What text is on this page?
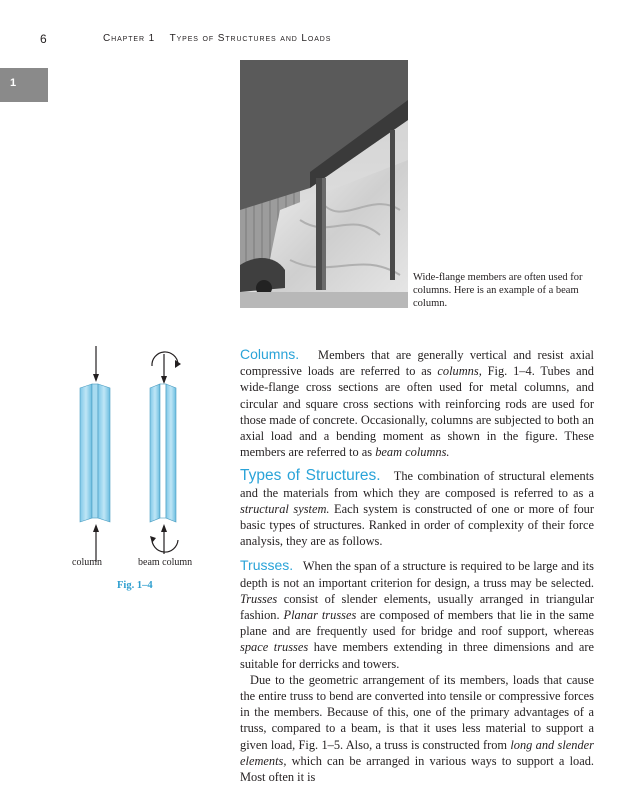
6	Chapter 1    Types of Structures and Loads
1
Wide-flange members are often used for columns. Here is an example of a beam column.
column	beam column
Fig. 1–4

Columns. Members that are generally vertical and resist axial compressive loads are referred to as columns, Fig. 1–4. Tubes and wide-flange cross sections are often used for metal columns, and circular and square cross sections with reinforcing rods are used for those made of concrete. Occasionally, columns are subjected to both an axial load and a bending moment as shown in the figure. These members are referred to as beam columns.

Types of Structures. The combination of structural elements and the materials from which they are composed is referred to as a structural system. Each system is constructed of one or more of four basic types of structures. Ranked in order of complexity of their force analysis, they are as follows.

Trusses. When the span of a structure is required to be large and its depth is not an important criterion for design, a truss may be selected. Trusses consist of slender elements, usually arranged in triangular fashion. Planar trusses are composed of members that lie in the same plane and are frequently used for bridge and roof support, whereas space trusses have members extending in three dimensions and are suitable for derricks and towers.

Due to the geometric arrangement of its members, loads that cause the entire truss to bend are converted into tensile or compressive forces in the members. Because of this, one of the primary advantages of a truss, compared to a beam, is that it uses less material to support a given load, Fig. 1–5. Also, a truss is constructed from long and slender elements, which can be arranged in various ways to support a load. Most often it is
